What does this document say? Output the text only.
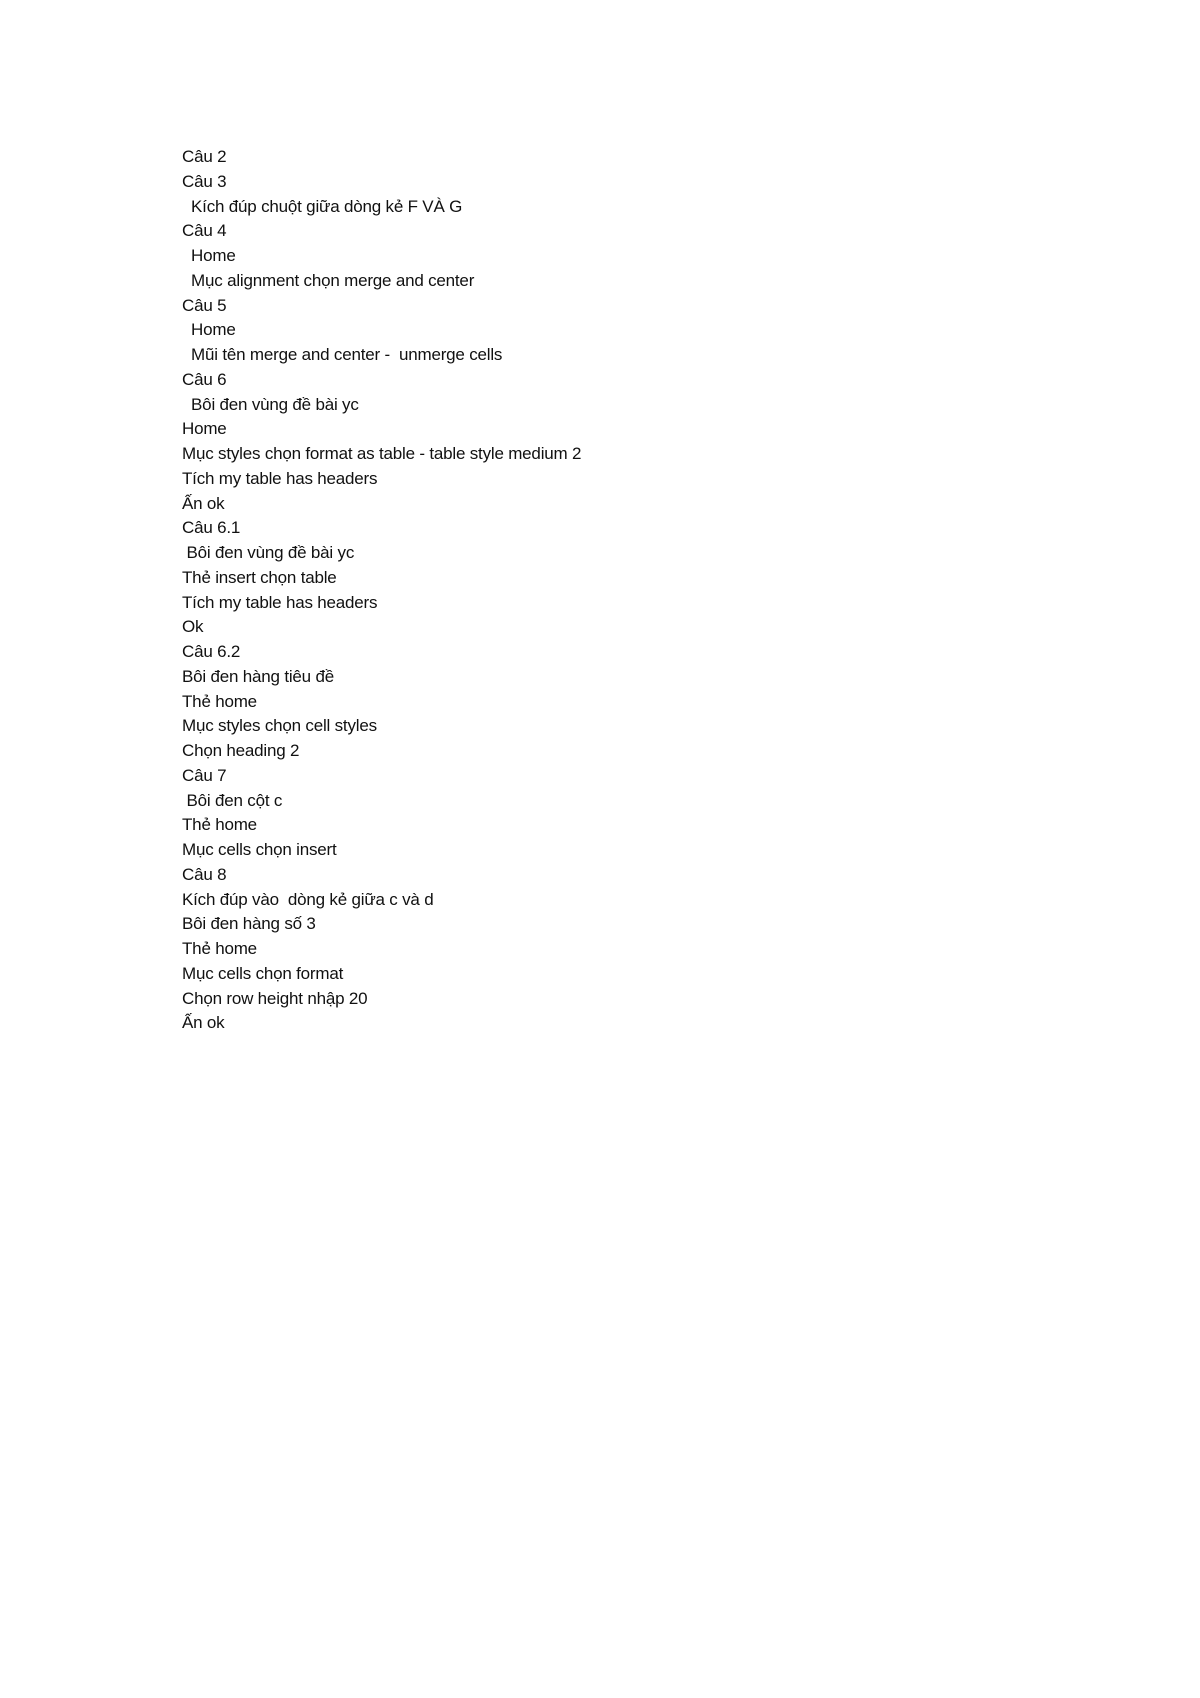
Câu 2
Câu 3
Kích đúp chuột giữa dòng kẻ F VÀ G
Câu 4
Home
Mục alignment chọn merge and center
Câu 5
Home
Mũi tên merge and center -  unmerge cells
Câu 6
Bôi đen vùng đề bài yc
Home
Mục styles chọn format as table - table style medium 2
Tích my table has headers
Ấn ok
Câu 6.1
Bôi đen vùng đề bài yc
Thẻ insert chọn table
Tích my table has headers
Ok
Câu 6.2
Bôi đen hàng tiêu đề
Thẻ home
Mục styles chọn cell styles
Chọn heading 2
Câu 7
Bôi đen cột c
Thẻ home
Mục cells chọn insert
Câu 8
Kích đúp vào  dòng kẻ giữa c và d
Bôi đen hàng số 3
Thẻ home
Mục cells chọn format
Chọn row height nhập 20
Ấn ok
